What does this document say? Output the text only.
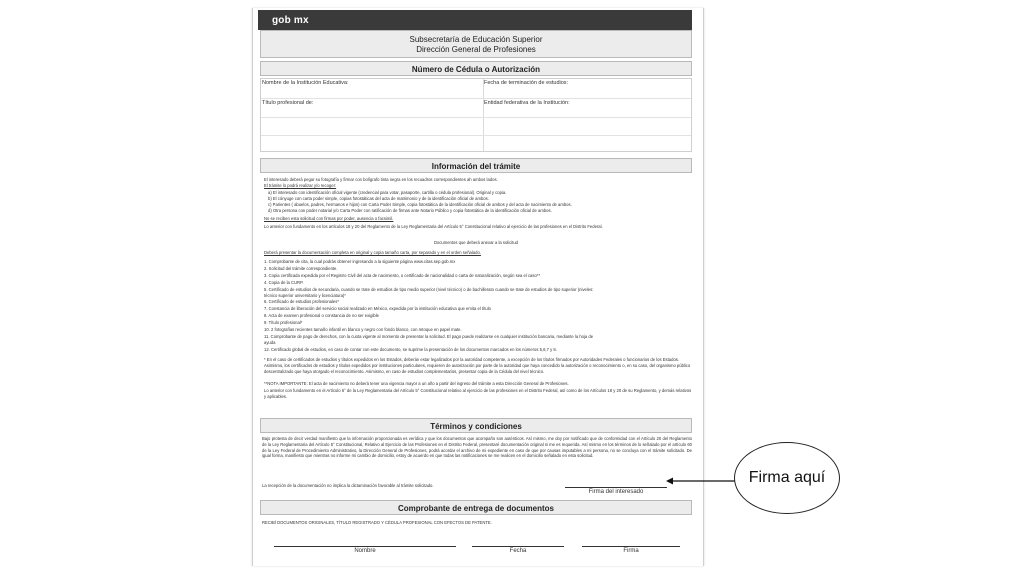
gob mx
Subsecretaría de Educación Superior
Dirección General de Profesiones
Número de Cédula o Autorización
Nombre de la Institución Educativa:	Fecha de terminación de estudios:
Título profesional de:	Entidad federativa de la Institución:
Información del trámite
El interesado deberá pegar su fotografía y firmar con bolígrafo tinta negra en los recuadros correspondientes ah ambos lados.
El trámite lo podrá realizar y/o recoger:
a) El interesado con identificación oficial vigente (credencial para votar, pasaporte, cartilla o cédula profesional). Original y copia.
b) El cónyuge con carta poder simple, copias fotostáticas del acta de matrimonio y de la identificación oficial de ambos.
c) Parientes ( abuelos, padres, hermanos e hijos) con Carta Poder Simple, copia fotostática de la identificación oficial de ambos y del acta de nacimiento de ambos.
d) Otra persona con poder notarial y/o Carta Poder con ratificación de firmas ante Notario Público y copia fotostática de la identificación oficial de ambos.
No se reciben esta solicitud con firmas por poder, ausencia o facsimil.
Lo anterior con fundamento en los artículos 18 y 20 del Reglamento de la Ley Reglamentaria del Artículo 5° Constitucional relativo al ejercicio de las profesiones en el Distrito Federal.
Documentos que deberá anexar a la solicitud
Deberá presentar la documentación completa en original y copia tamaño carta, por separado y en el orden señalado.
1. Comprobante de cita, la cual podrás obtener ingresando a la siguiente página www.citas.sep.gob.mx
2. Solicitud del trámite correspondiente.
3. Copia certificada expedida por el Registro Civil del acta de nacimiento, o certificado de nacionalidad o carta de naturalización, según sea el caso**
4. Copia de la CURP.
5. Certificado de estudios de secundaria, cuando se trate de estudios de tipo medio superior (nivel técnico) o de bachillerato cuando se trate de estudios de tipo superior (niveles:
técnico superior universitario y licenciatura)*
6. Certificado de estudios profesionales*
7. Constancia de liberación del servicio social realizado en México, expedida por la institución educativa que emita el título
8. Acta de examen profesional o constancia de no ser exigible
9. Título profesional*
10. 2 fotografías recientes tamaño infantil en blanco y negro con fondo blanco, con retoque en papel mate.
11. Comprobante de pago de derechos, con la cuota vigente al momento de presentar la solicitud. El pago puede realizarse en cualquier institución bancaria, mediante la hoja de
ayuda
12. Certificado global de estudios, en caso de contar con este documento, se suprime la presentación de los documentos marcados en los números 5,6,7 y 8.
* En el caso de certificados de estudios y títulos expedidos en los Estados, deberán estar legalizados por la autoridad competente, a excepción de los títulos firmados por Autoridades Federales o funcionarios de los Estados. Asimismo, los certificados de estudios y títulos expedidos por instituciones particulares, requieren de autorización por parte de la autoridad que haya concedido la autorización o reconocimiento o, en su caso, del organismo público descentralizado que haya otorgado el reconocimiento. Asimismo, en caso de estudios complementarios, presentar copia de la Cédula del nivel técnico.
**NOTA IMPORTANTE: El acta de nacimiento no deberá tener una vigencia mayor a un año a partir del ingreso del trámite a esta Dirección General de Profesiones.
Lo anterior con fundamento en el Artículo 6° de la Ley Reglamentaria del Artículo 5° Constitucional relativo al ejercicio de las profesiones en el Distrito Federal, así como de los Artículos 18 y 20 de su Reglamento, y demás relativos y aplicables.
Términos y condiciones
Bajo protesta de decir verdad manifiesto que la información proporcionada es verídica y que los documentos que acompaño son auténticos. Así mismo, me doy por notificado que de conformidad con el Artículo 20 del Reglamento de la Ley Reglamentaria del Artículo 5° Constitucional, Relativo al Ejercicio de las Profesiones en el Distrito Federal, presentaré documentación original si me es requerida. Así mismo en los términos de lo señalado por el artículo 60 de la Ley Federal de Procedimiento Administrativo, la Dirección General de Profesiones, podrá acordar el archivo de mi expediente en caso de que por causas imputables a mi persona, no se concluya con el trámite solicitado. De igual forma, manifiesto que mientras no informe mi cambio de domicilio, estoy de acuerdo en que todas las notificaciones se me realicen en el domicilio señalado en esta solicitud.
La recepción de la documentación no implica la dictaminación favorable al trámite solicitado.
Firma del interesado
Comprobante de entrega de documentos
RECIBÍ DOCUMENTOS ORIGINALES, TÍTULO REGISTRADO Y CÉDULA PROFESIONAL CON EFECTOS DE PATENTE.
Nombre	Fecha	Firma
Firma aquí
